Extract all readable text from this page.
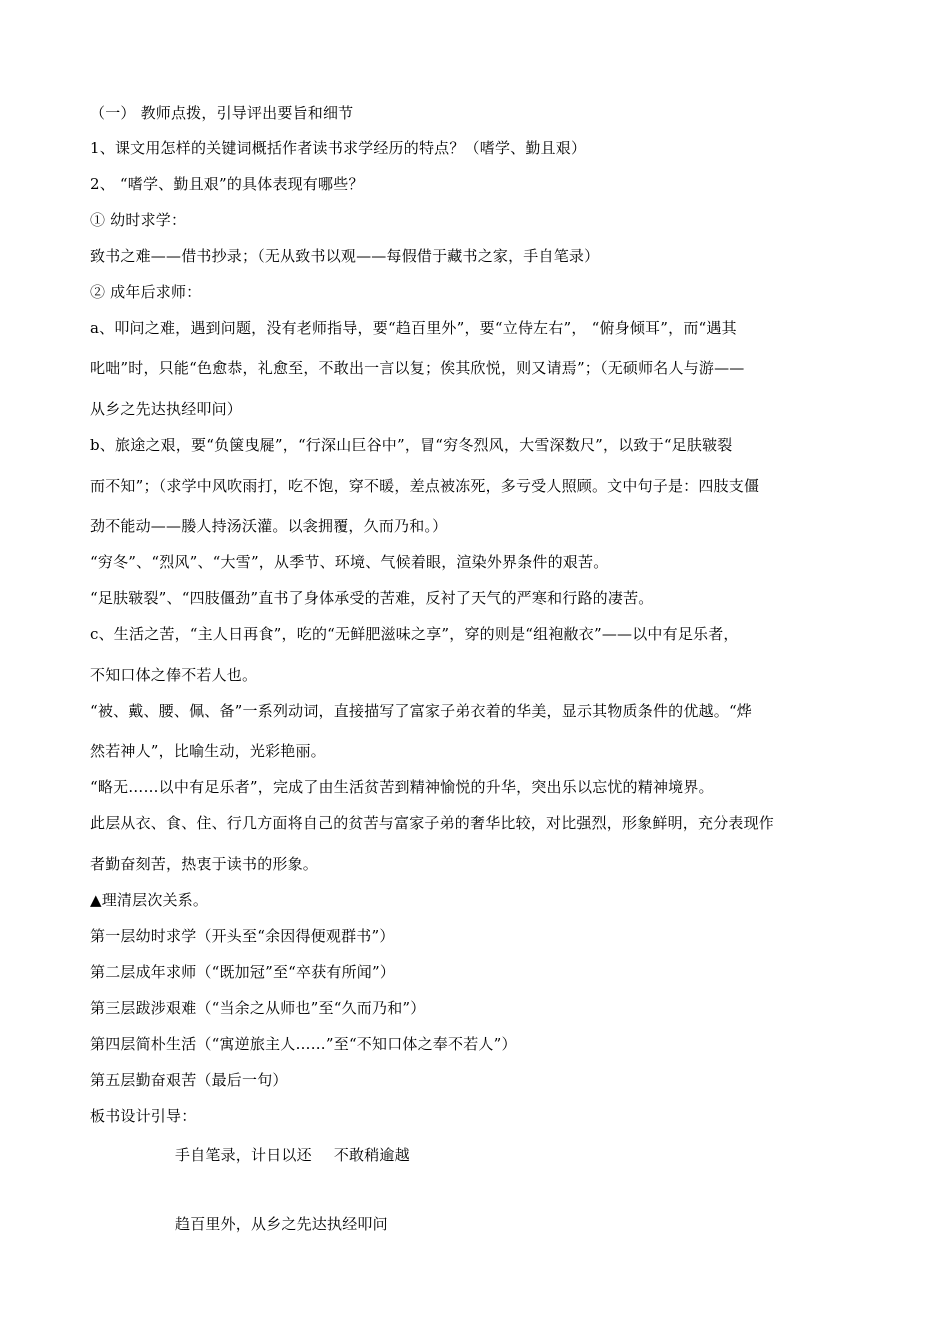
（一） 教师点拨，引导评出要旨和细节
1、课文用怎样的关键词概括作者读书求学经历的特点？（嗜学、勤且艰）
2、 “嗜学、勤且艰”的具体表现有哪些？
① 幼时求学：
致书之难——借书抄录；（无从致书以观——每假借于藏书之家，手自笔录）
② 成年后求师：
a、叩问之难，遇到问题，没有老师指导，要“趋百里外”，要“立侍左右”， “俯身倾耳”，而“遇其
叱咄”时，只能“色愈恭，礼愈至，不敢出一言以复；俟其欣悦，则又请焉”；（无硕师名人与游——
从乡之先达执经叩问）
b、旅途之艰，要“负箧曳屣”，“行深山巨谷中”，冒“穷冬烈风，大雪深数尺”，以致于“足肤皲裂
而不知”；（求学中风吹雨打，吃不饱，穿不暖，差点被冻死，多亏受人照顾。文中句子是：四肢支僵
劲不能动——媵人持汤沃灌。以衾拥覆，久而乃和。）
“穷冬”、“烈风”、“大雪”，从季节、环境、气候着眼，渲染外界条件的艰苦。
“足肤皲裂”、“四肢僵劲”直书了身体承受的苦难，反衬了天气的严寒和行路的凄苦。
c、生活之苦，“主人日再食”，吃的“无鲜肥滋味之享”，穿的则是“组袍敝衣”——以中有足乐者，
不知口体之俸不若人也。
“被、戴、腰、佩、备”一系列动词，直接描写了富家子弟衣着的华美，显示其物质条件的优越。“烨
然若神人”，比喻生动，光彩艳丽。
“略无……以中有足乐者”，完成了由生活贫苦到精神愉悦的升华，突出乐以忘忧的精神境界。
此层从衣、食、住、行几方面将自己的贫苦与富家子弟的奢华比较，对比强烈，形象鲜明，充分表现作
者勤奋刻苦，热衷于读书的形象。
▲理清层次关系。
第一层幼时求学（开头至“余因得便观群书”）
第二层成年求师（“既加冠”至“卒获有所闻”）
第三层跋涉艰难（“当余之从师也”至“久而乃和”）
第四层简朴生活（“寓逆旅主人……”至“不知口体之奉不若人”）
第五层勤奋艰苦（最后一句）
板书设计引导：
手自笔录，计日以还 不敢稍逾越
趋百里外，从乡之先达执经叩问
